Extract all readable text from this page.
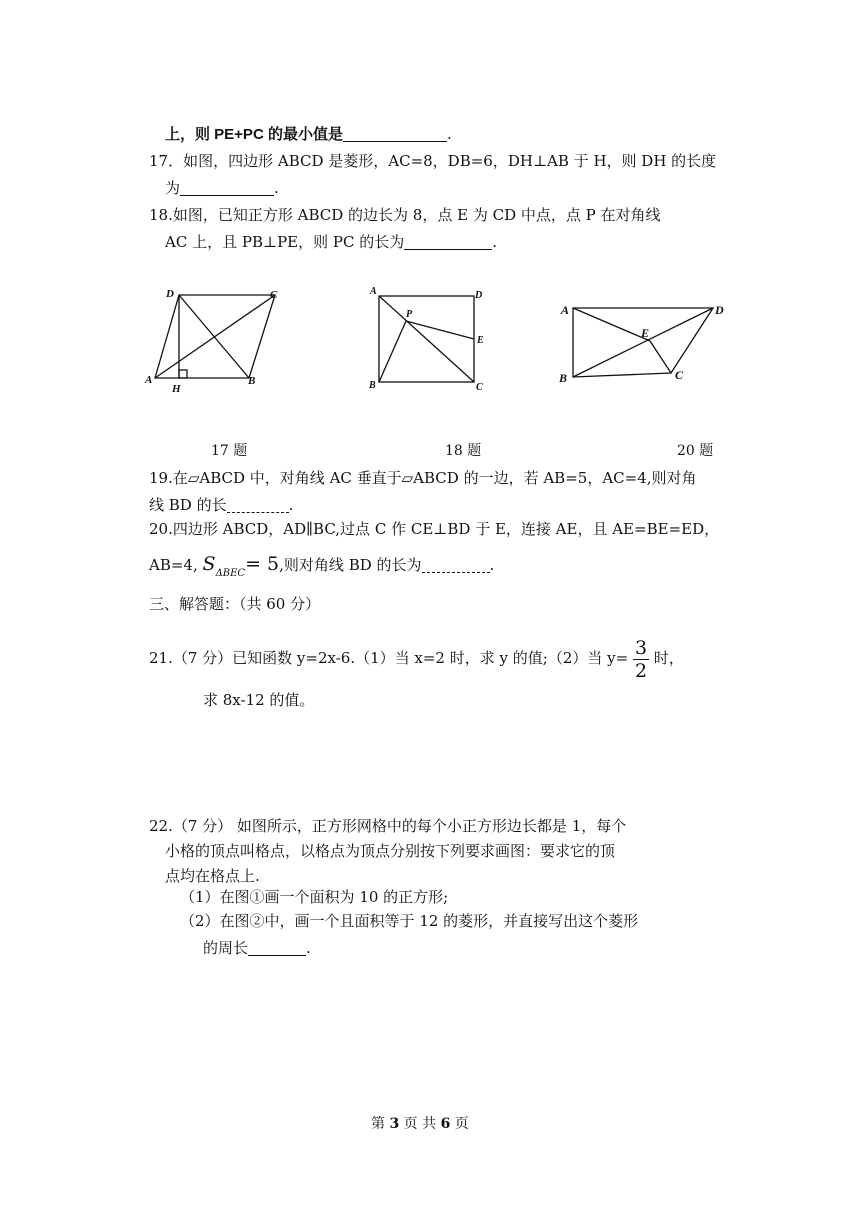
上，则 PE+PC 的最小值是	.
17．如图，四边形 ABCD 是菱形，AC=8，DB=6，DH⊥AB 于 H，则 DH 的长度
为	.
18.如图，已知正方形 ABCD 的边长为 8，点 E 为 CD 中点，点 P 在对角线
AC 上，且 PB⊥PE，则 PC 的长为	.
D	C
A
H
B
A	D
P
E
B	C
A	D
E
B	C
17 题	18 题	20 题
19.在▱ABCD 中，对角线 AC 垂直于▱ABCD 的一边，若 AB=5，AC=4,则对角
线 BD 的长	.
20.四边形 ABCD，AD∥BC,过点 C 作 CE⊥BD 于 E，连接 AE，且 AE=BE=ED，
AB=4, $S_{\Delta BEC}= 5$,则对角线 BD 的长为	.
三、解答题：（共 60 分）
21.（7 分）已知函数 y=2x-6.（1）当 x=2 时，求 y 的值;（2）当 $y= \frac{3}{2}$ 时，
求 8x-12 的值。
22.（7 分） 如图所示，正方形网格中的每个小正方形边长都是 1，每个
小格的顶点叫格点，以格点为顶点分别按下列要求画图：要求它的顶
点均在格点上.
（1）在图①画一个面积为 10 的正方形;
（2）在图②中，画一个且面积等于 12 的菱形，并直接写出这个菱形
的周长	.
第 3 页 共 6 页
